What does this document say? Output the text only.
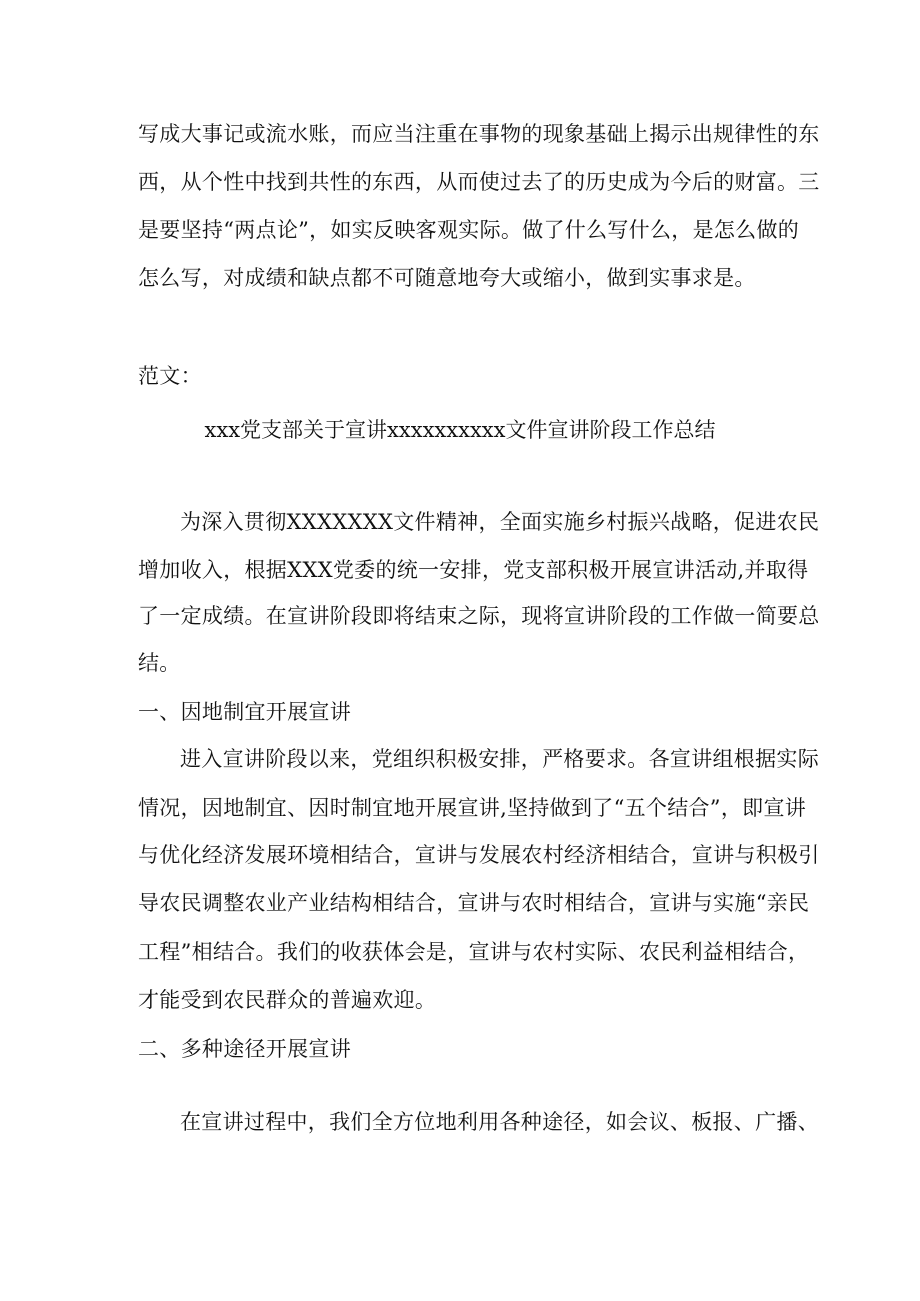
写成大事记或流水账，而应当注重在事物的现象基础上揭示出规律性的东
西，从个性中找到共性的东西，从而使过去了的历史成为今后的财富。三
是要坚持“两点论”，如实反映客观实际。做了什么写什么，是怎么做的
怎么写，对成绩和缺点都不可随意地夸大或缩小，做到实事求是。
范文：
xxx党支部关于宣讲xxxxxxxxxx文件宣讲阶段工作总结
为深入贯彻XXXXXXX文件精神，全面实施乡村振兴战略，促进农民
增加收入，根据XXX党委的统一安排，党支部积极开展宣讲活动,并取得
了一定成绩。在宣讲阶段即将结束之际，现将宣讲阶段的工作做一简要总
结。
一、因地制宜开展宣讲
进入宣讲阶段以来，党组织积极安排，严格要求。各宣讲组根据实际
情况，因地制宜、因时制宜地开展宣讲,坚持做到了“五个结合”，即宣讲
与优化经济发展环境相结合，宣讲与发展农村经济相结合，宣讲与积极引
导农民调整农业产业结构相结合，宣讲与农时相结合，宣讲与实施“亲民
工程”相结合。我们的收获体会是，宣讲与农村实际、农民利益相结合，
才能受到农民群众的普遍欢迎。
二、多种途径开展宣讲
在宣讲过程中，我们全方位地利用各种途径，如会议、板报、广播、
